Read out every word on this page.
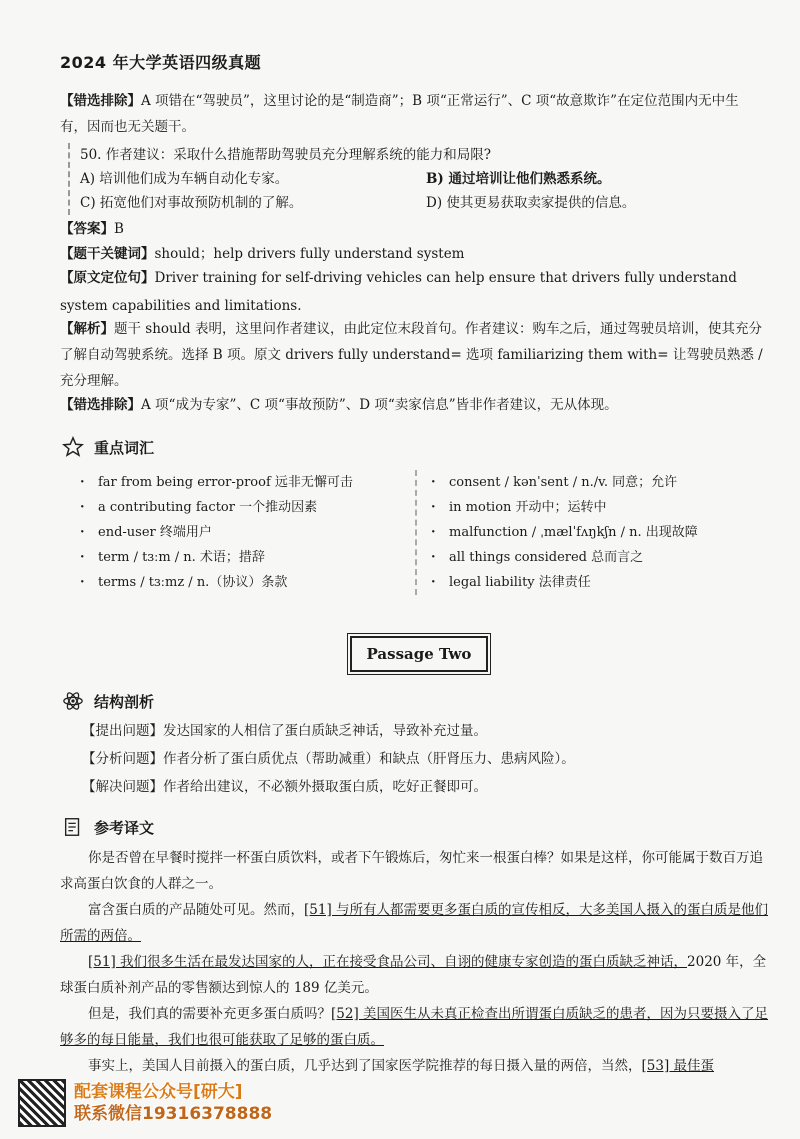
2024 年大学英语四级真题
【错选排除】A 项错在“驾驶员”，这里讨论的是“制造商”；B 项“正常运行”、C 项“故意欺诈”在定位范围内无中生有，因而也无关题干。
50. 作者建议：采取什么措施帮助驾驶员充分理解系统的能力和局限?
A) 培训他们成为车辆自动化专家。	B) 通过培训让他们熟悉系统。
C) 拓宽他们对事故预防机制的了解。	D) 使其更易获取卖家提供的信息。
【答案】B
【题干关键词】should；help drivers fully understand system
【原文定位句】Driver training for self-driving vehicles can help ensure that drivers fully understand system capabilities and limitations.
【解析】题干 should 表明，这里问作者建议，由此定位末段首句。作者建议：购车之后，通过驾驶员培训，使其充分了解自动驾驶系统。选择 B 项。原文 drivers fully understand= 选项 familiarizing them with= 让驾驶员熟悉 / 充分理解。
【错选排除】A 项“成为专家”、C 项“事故预防”、D 项“卖家信息”皆非作者建议，无从体现。
重点词汇
· far from being error-proof 远非无懈可击
· a contributing factor 一个推动因素
· end-user 终端用户
· term / tɜːm / n. 术语；措辞
· terms / tɜːmz / n.（协议）条款
· consent / kənˈsent / n./v. 同意；允许
· in motion 开动中；运转中
· malfunction / ˌmælˈfʌŋkʃn / n. 出现故障
· all things considered 总而言之
· legal liability 法律责任
Passage Two
结构剖析
【提出问题】发达国家的人相信了蛋白质缺乏神话，导致补充过量。
【分析问题】作者分析了蛋白质优点（帮助减重）和缺点（肝肾压力、患病风险）。
【解决问题】作者给出建议，不必额外摄取蛋白质，吃好正餐即可。
参考译文
你是否曾在早餐时搅拌一杯蛋白质饮料，或者下午锻炼后，匆忙来一根蛋白棒？如果是这样，你可能属于数百万追求高蛋白饮食的人群之一。
富含蛋白质的产品随处可见。然而，[51] 与所有人都需要更多蛋白质的宣传相反，大多美国人摄入的蛋白质是他们所需的两倍。
[51] 我们很多生活在最发达国家的人，正在接受食品公司、自诩的健康专家创造的蛋白质缺乏神话，2020 年，全球蛋白质补剂产品的零售额达到惊人的 189 亿美元。
但是，我们真的需要补充更多蛋白质吗？[52] 美国医生从未真正检查出所谓蛋白质缺乏的患者，因为只要摄入了足够多的每日能量，我们也很可能获取了足够的蛋白质。
事实上，美国人目前摄入的蛋白质，几乎达到了国家医学院推荐的每日摄入量的两倍，当然，[53] 最佳蛋
配套课程公众号[研大]
联系微信19316378888
